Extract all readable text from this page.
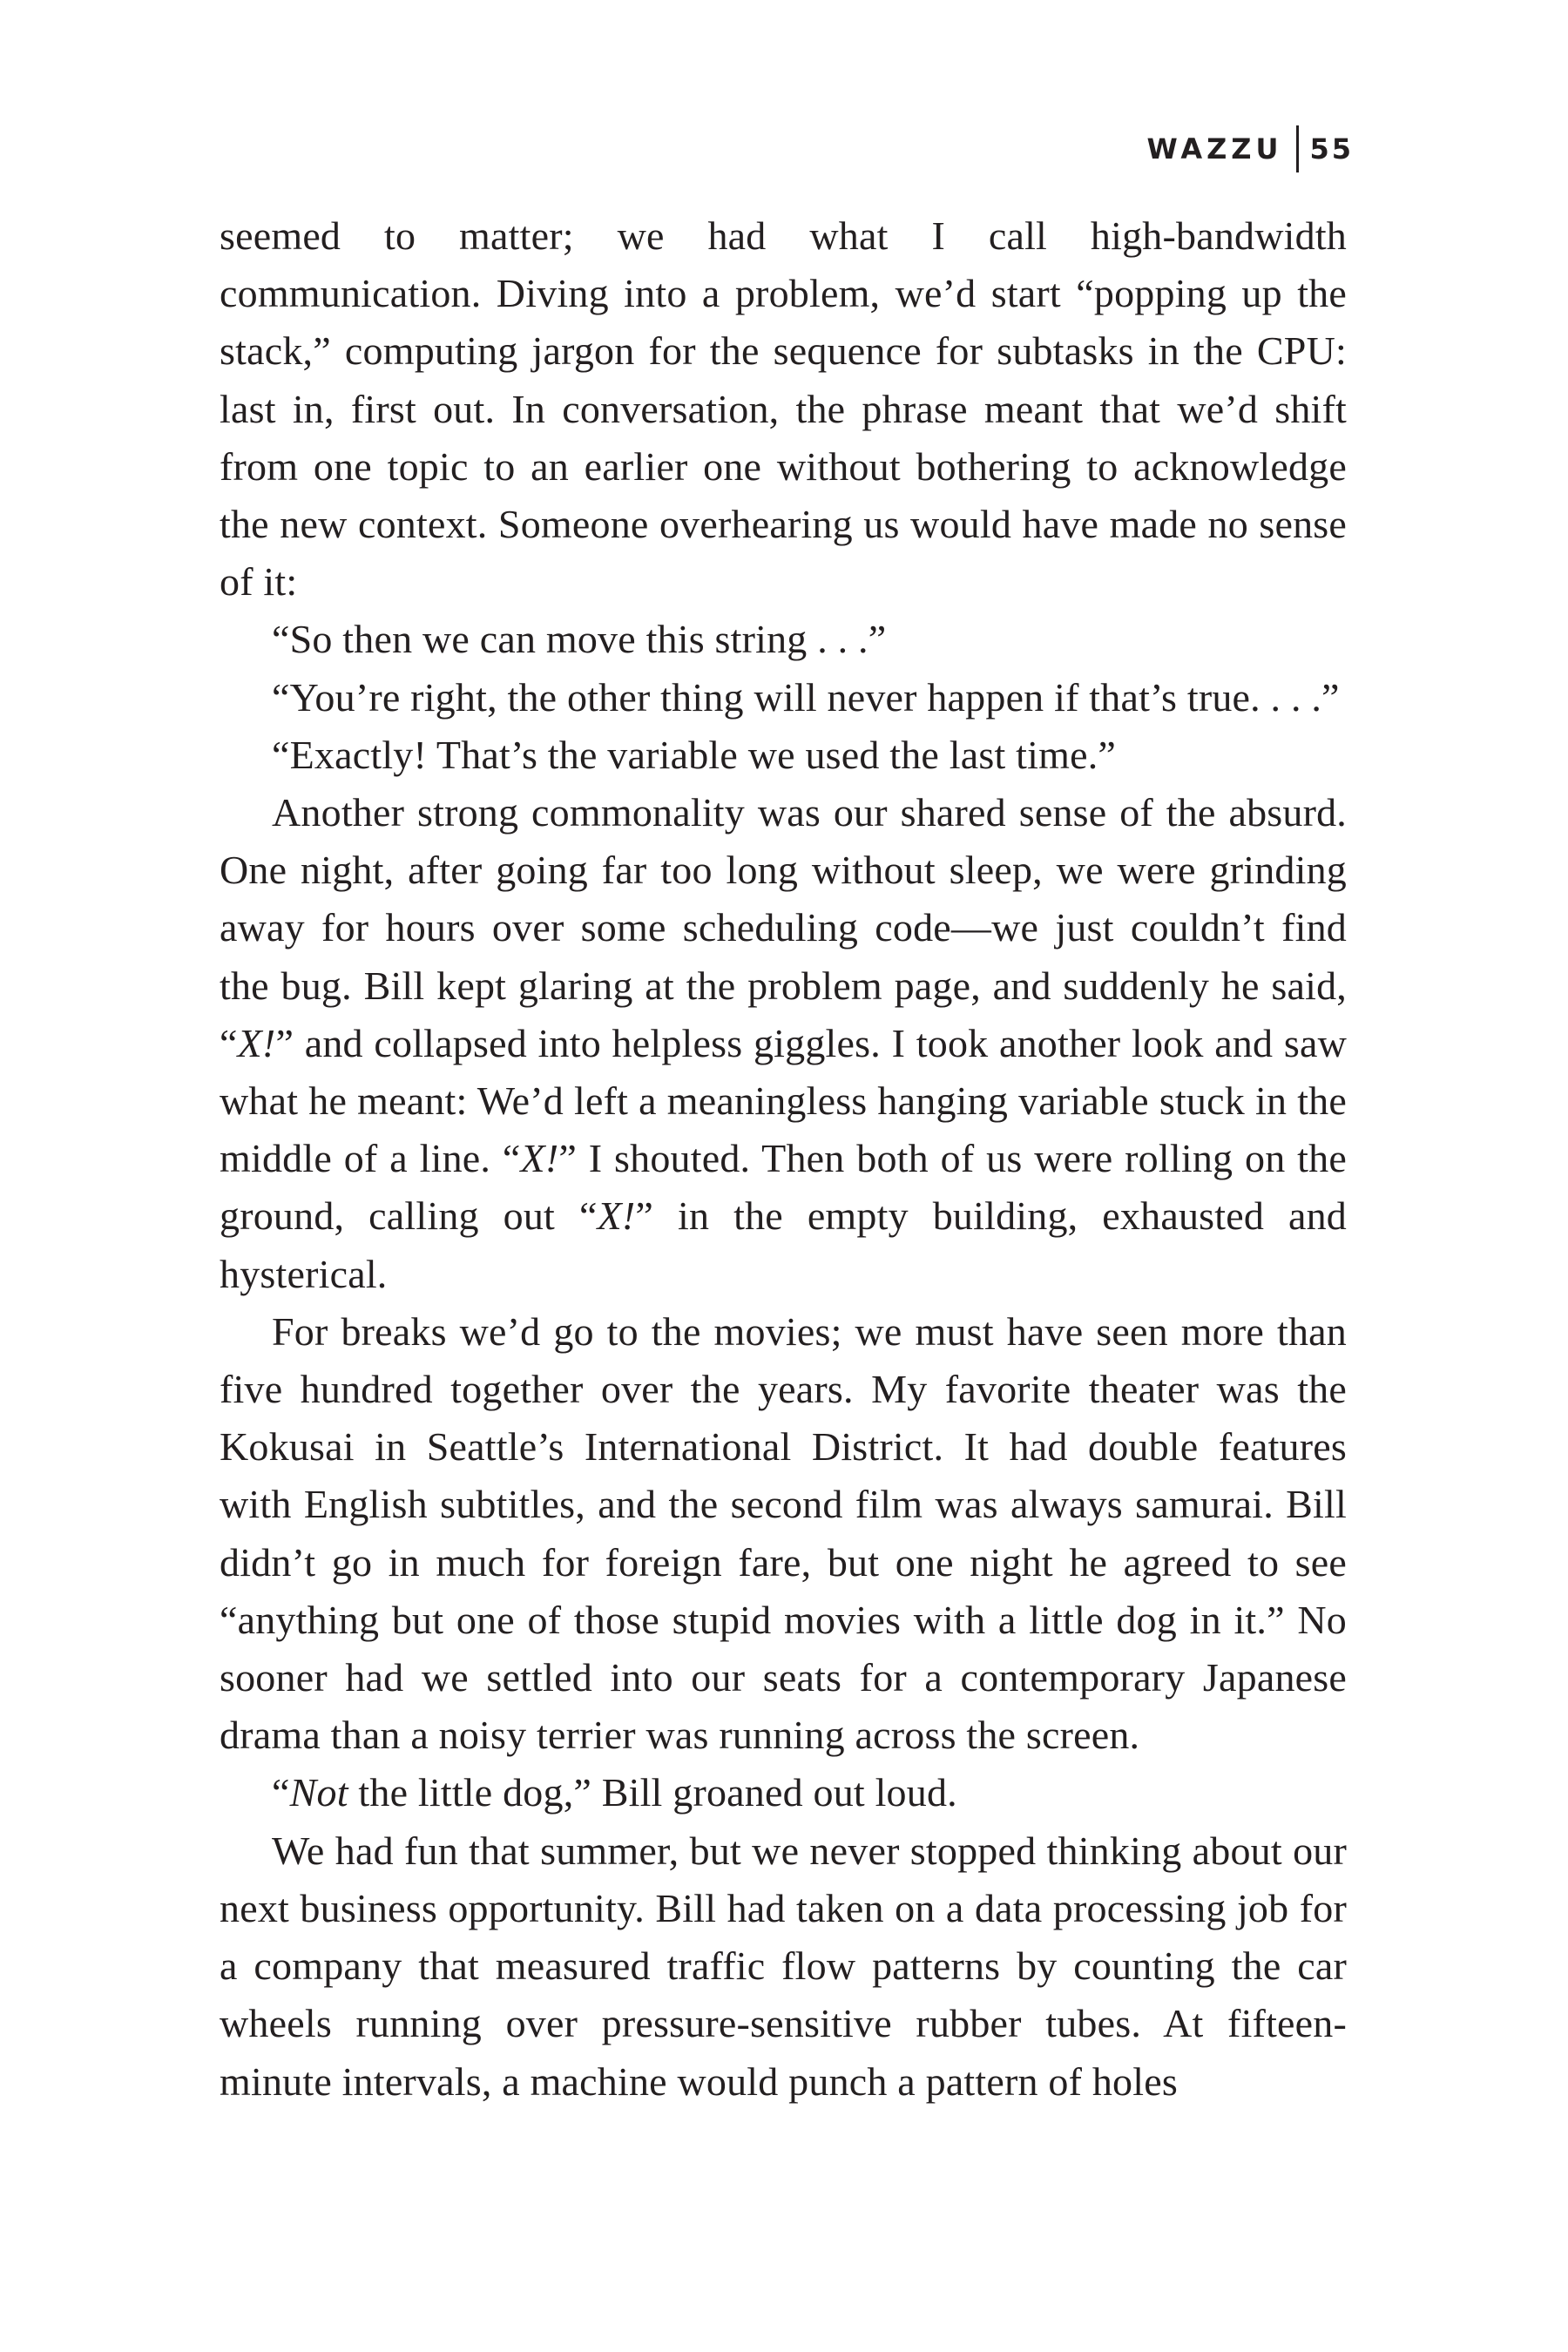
WAZZU 55

seemed to matter; we had what I call high-bandwidth communication. Diving into a problem, we’d start “popping up the stack,” computing jargon for the sequence for subtasks in the CPU: last in, first out. In conversation, the phrase meant that we’d shift from one topic to an earlier one without bothering to acknowledge the new context. Someone overhearing us would have made no sense of it:

“So then we can move this string . . .”

“You’re right, the other thing will never happen if that’s true. . . .”

“Exactly! That’s the variable we used the last time.”

Another strong commonality was our shared sense of the absurd. One night, after going far too long without sleep, we were grinding away for hours over some scheduling code—we just couldn’t find the bug. Bill kept glaring at the problem page, and suddenly he said, “X!” and collapsed into helpless giggles. I took another look and saw what he meant: We’d left a meaningless hanging variable stuck in the middle of a line. “X!” I shouted. Then both of us were rolling on the ground, calling out “X!” in the empty building, exhausted and hysterical.

For breaks we’d go to the movies; we must have seen more than five hundred together over the years. My favorite theater was the Kokusai in Seattle’s International District. It had double features with English subtitles, and the second film was always samurai. Bill didn’t go in much for foreign fare, but one night he agreed to see “anything but one of those stupid movies with a little dog in it.” No sooner had we settled into our seats for a contemporary Japanese drama than a noisy terrier was running across the screen.

“Not the little dog,” Bill groaned out loud.

We had fun that summer, but we never stopped thinking about our next business opportunity. Bill had taken on a data processing job for a company that measured traffic flow patterns by counting the car wheels running over pressure-sensitive rubber tubes. At fifteen-minute intervals, a machine would punch a pattern of holes
